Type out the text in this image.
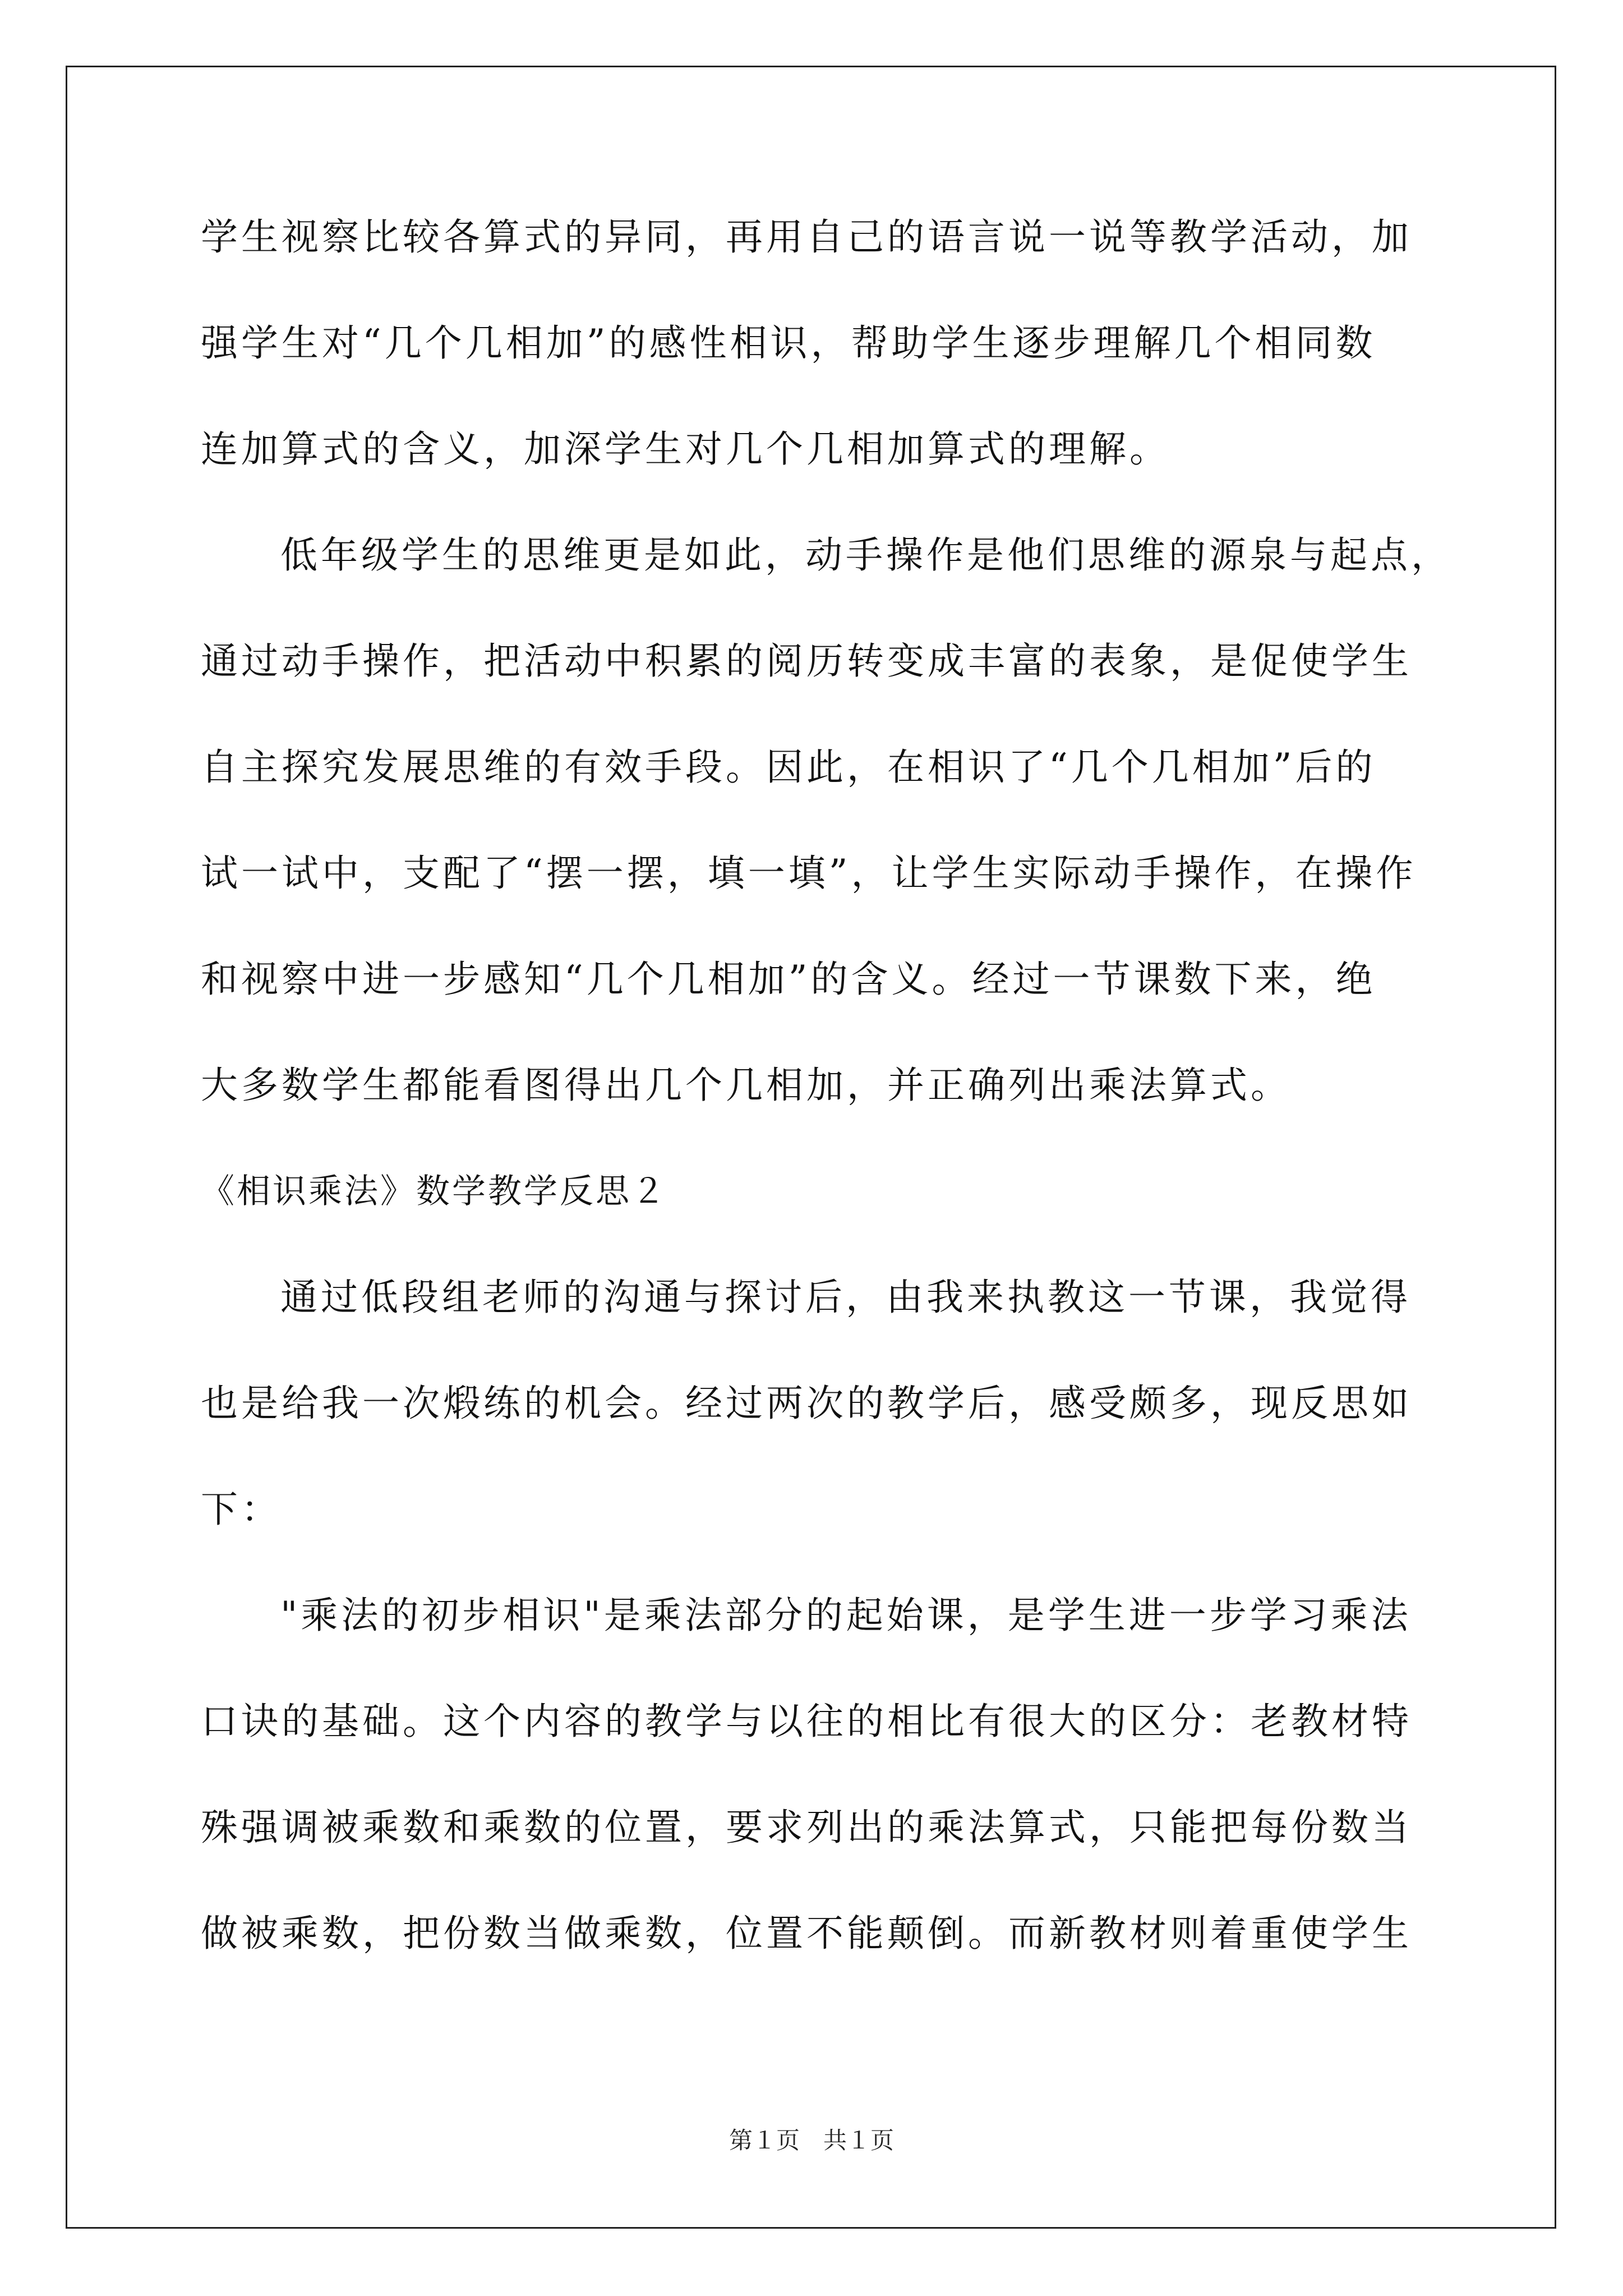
学生视察比较各算式的异同，再用自己的语言说一说等教学活动，加
强学生对“几个几相加”的感性相识，帮助学生逐步理解几个相同数
连加算式的含义，加深学生对几个几相加算式的理解。
低年级学生的思维更是如此，动手操作是他们思维的源泉与起点，
通过动手操作，把活动中积累的阅历转变成丰富的表象，是促使学生
自主探究发展思维的有效手段。因此，在相识了“几个几相加”后的
试一试中，支配了“摆一摆，填一填”，让学生实际动手操作，在操作
和视察中进一步感知“几个几相加”的含义。经过一节课数下来，绝
大多数学生都能看图得出几个几相加，并正确列出乘法算式。
《相识乘法》数学教学反思２
通过低段组老师的沟通与探讨后，由我来执教这一节课，我觉得
也是给我一次煅练的机会。经过两次的教学后，感受颇多，现反思如
下：
"乘法的初步相识"是乘法部分的起始课，是学生进一步学习乘法
口诀的基础。这个内容的教学与以往的相比有很大的区分：老教材特
殊强调被乘数和乘数的位置，要求列出的乘法算式，只能把每份数当
做被乘数，把份数当做乘数，位置不能颠倒。而新教材则着重使学生
第１页　共１页
